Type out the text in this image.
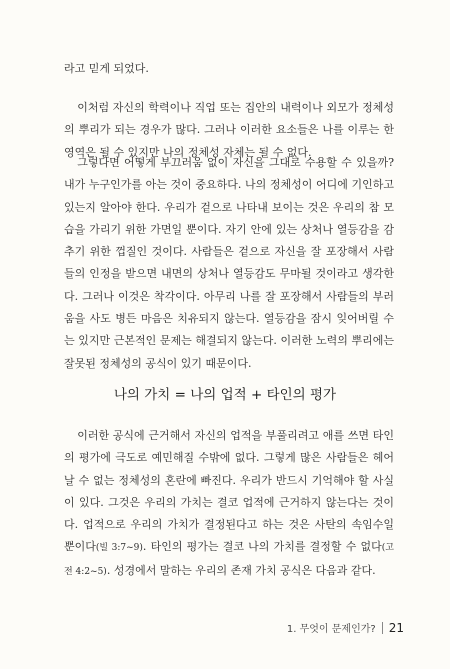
라고 믿게 되었다.

이처럼 자신의 학력이나 직업 또는 집안의 내력이나 외모가 정체성의 뿌리가 되는 경우가 많다. 그러나 이러한 요소들은 나를 이루는 한 영역은 될 수 있지만 나의 정체성 자체는 될 수 없다.

그렇다면 어떻게 부끄러움 없이 자신을 그대로 수용할 수 있을까? 내가 누구인가를 아는 것이 중요하다. 나의 정체성이 어디에 기인하고 있는지 알아야 한다. 우리가 겉으로 나타내 보이는 것은 우리의 참 모습을 가리기 위한 가면일 뿐이다. 자기 안에 있는 상처나 열등감을 감추기 위한 껍질인 것이다. 사람들은 겉으로 자신을 잘 포장해서 사람들의 인정을 받으면 내면의 상처나 열등감도 무마될 것이라고 생각한다. 그러나 이것은 착각이다. 아무리 나를 잘 포장해서 사람들의 부러움을 사도 병든 마음은 치유되지 않는다. 열등감을 잠시 잊어버릴 수는 있지만 근본적인 문제는 해결되지 않는다. 이러한 노력의 뿌리에는 잘못된 정체성의 공식이 있기 때문이다.

나의 가치 = 나의 업적 + 타인의 평가

이러한 공식에 근거해서 자신의 업적을 부풀리려고 애를 쓰면 타인의 평가에 극도로 예민해질 수밖에 없다. 그렇게 많은 사람들은 헤어날 수 없는 정체성의 혼란에 빠진다. 우리가 반드시 기억해야 할 사실이 있다. 그것은 우리의 가치는 결코 업적에 근거하지 않는다는 것이다. 업적으로 우리의 가치가 결정된다고 하는 것은 사탄의 속임수일 뿐이다(빌 3:7~9). 타인의 평가는 결코 나의 가치를 결정할 수 없다(고전 4:2~5). 성경에서 말하는 우리의 존재 가치 공식은 다음과 같다.

1. 무엇이 문제인가? 21
